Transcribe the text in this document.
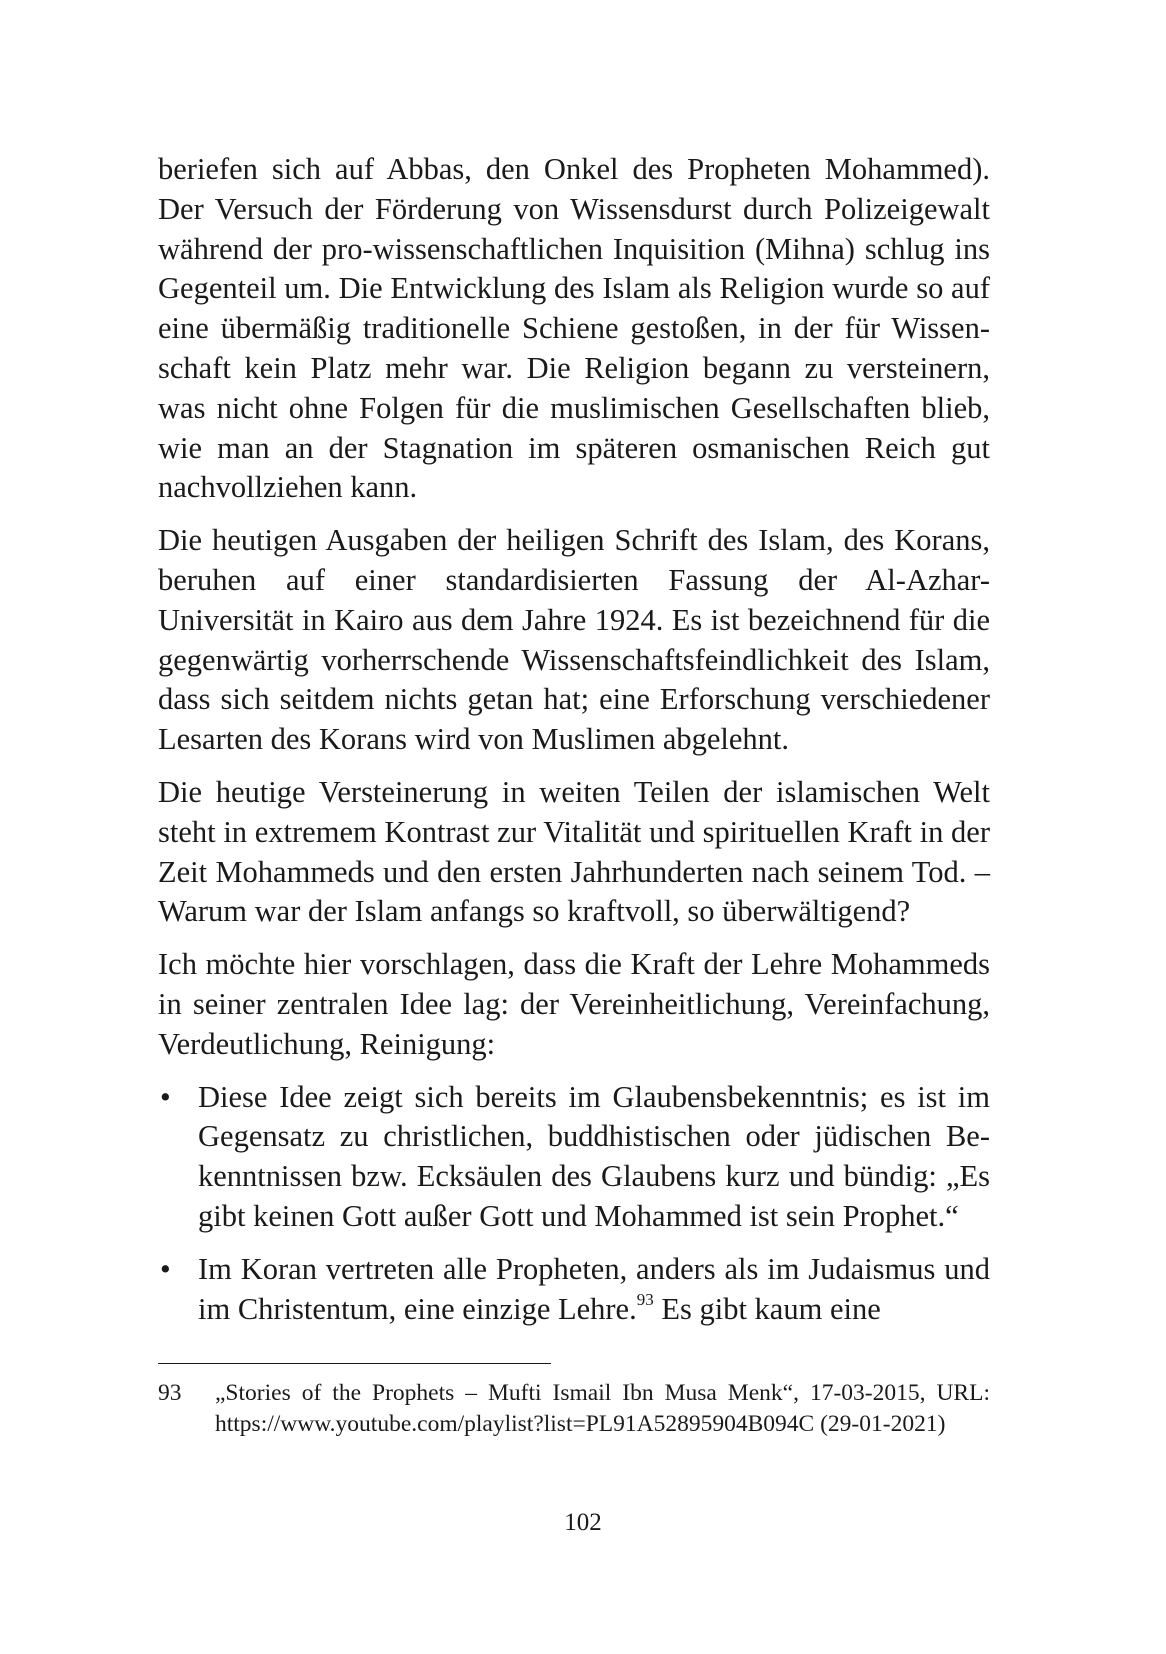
beriefen sich auf Abbas, den Onkel des Propheten Mohammed). Der Versuch der Förderung von Wissensdurst durch Polizeigewalt während der pro-wissenschaftlichen Inquisition (Mihna) schlug ins Gegenteil um. Die Entwicklung des Islam als Religion wurde so auf eine übermäßig traditionelle Schiene gestoßen, in der für Wissenschaft kein Platz mehr war. Die Religion begann zu versteinern, was nicht ohne Folgen für die muslimischen Gesellschaften blieb, wie man an der Stagnation im späteren osmanischen Reich gut nachvollziehen kann.

Die heutigen Ausgaben der heiligen Schrift des Islam, des Korans, beruhen auf einer standardisierten Fassung der Al-Azhar-Universität in Kairo aus dem Jahre 1924. Es ist bezeichnend für die gegenwärtig vorherrschende Wissenschaftsfeindlichkeit des Islam, dass sich seitdem nichts getan hat; eine Erforschung verschiedener Lesarten des Korans wird von Muslimen abgelehnt.

Die heutige Versteinerung in weiten Teilen der islamischen Welt steht in extremem Kontrast zur Vitalität und spirituellen Kraft in der Zeit Mohammeds und den ersten Jahrhunderten nach seinem Tod. – Warum war der Islam anfangs so kraftvoll, so überwältigend?

Ich möchte hier vorschlagen, dass die Kraft der Lehre Mohammeds in seiner zentralen Idee lag: der Vereinheitlichung, Vereinfachung, Verdeutlichung, Reinigung:

• Diese Idee zeigt sich bereits im Glaubensbekenntnis; es ist im Gegensatz zu christlichen, buddhistischen oder jüdischen Bekenntnissen bzw. Ecksäulen des Glaubens kurz und bündig: „Es gibt keinen Gott außer Gott und Mohammed ist sein Prophet.“
• Im Koran vertreten alle Propheten, anders als im Judaismus und im Christentum, eine einzige Lehre.$^{93}$ Es gibt kaum eine
93 „Stories of the Prophets – Mufti Ismail Ibn Musa Menk“, 17-03-2015, URL: https://www.youtube.com/playlist?list=PL91A52895904B094C (29-01-2021)
102
